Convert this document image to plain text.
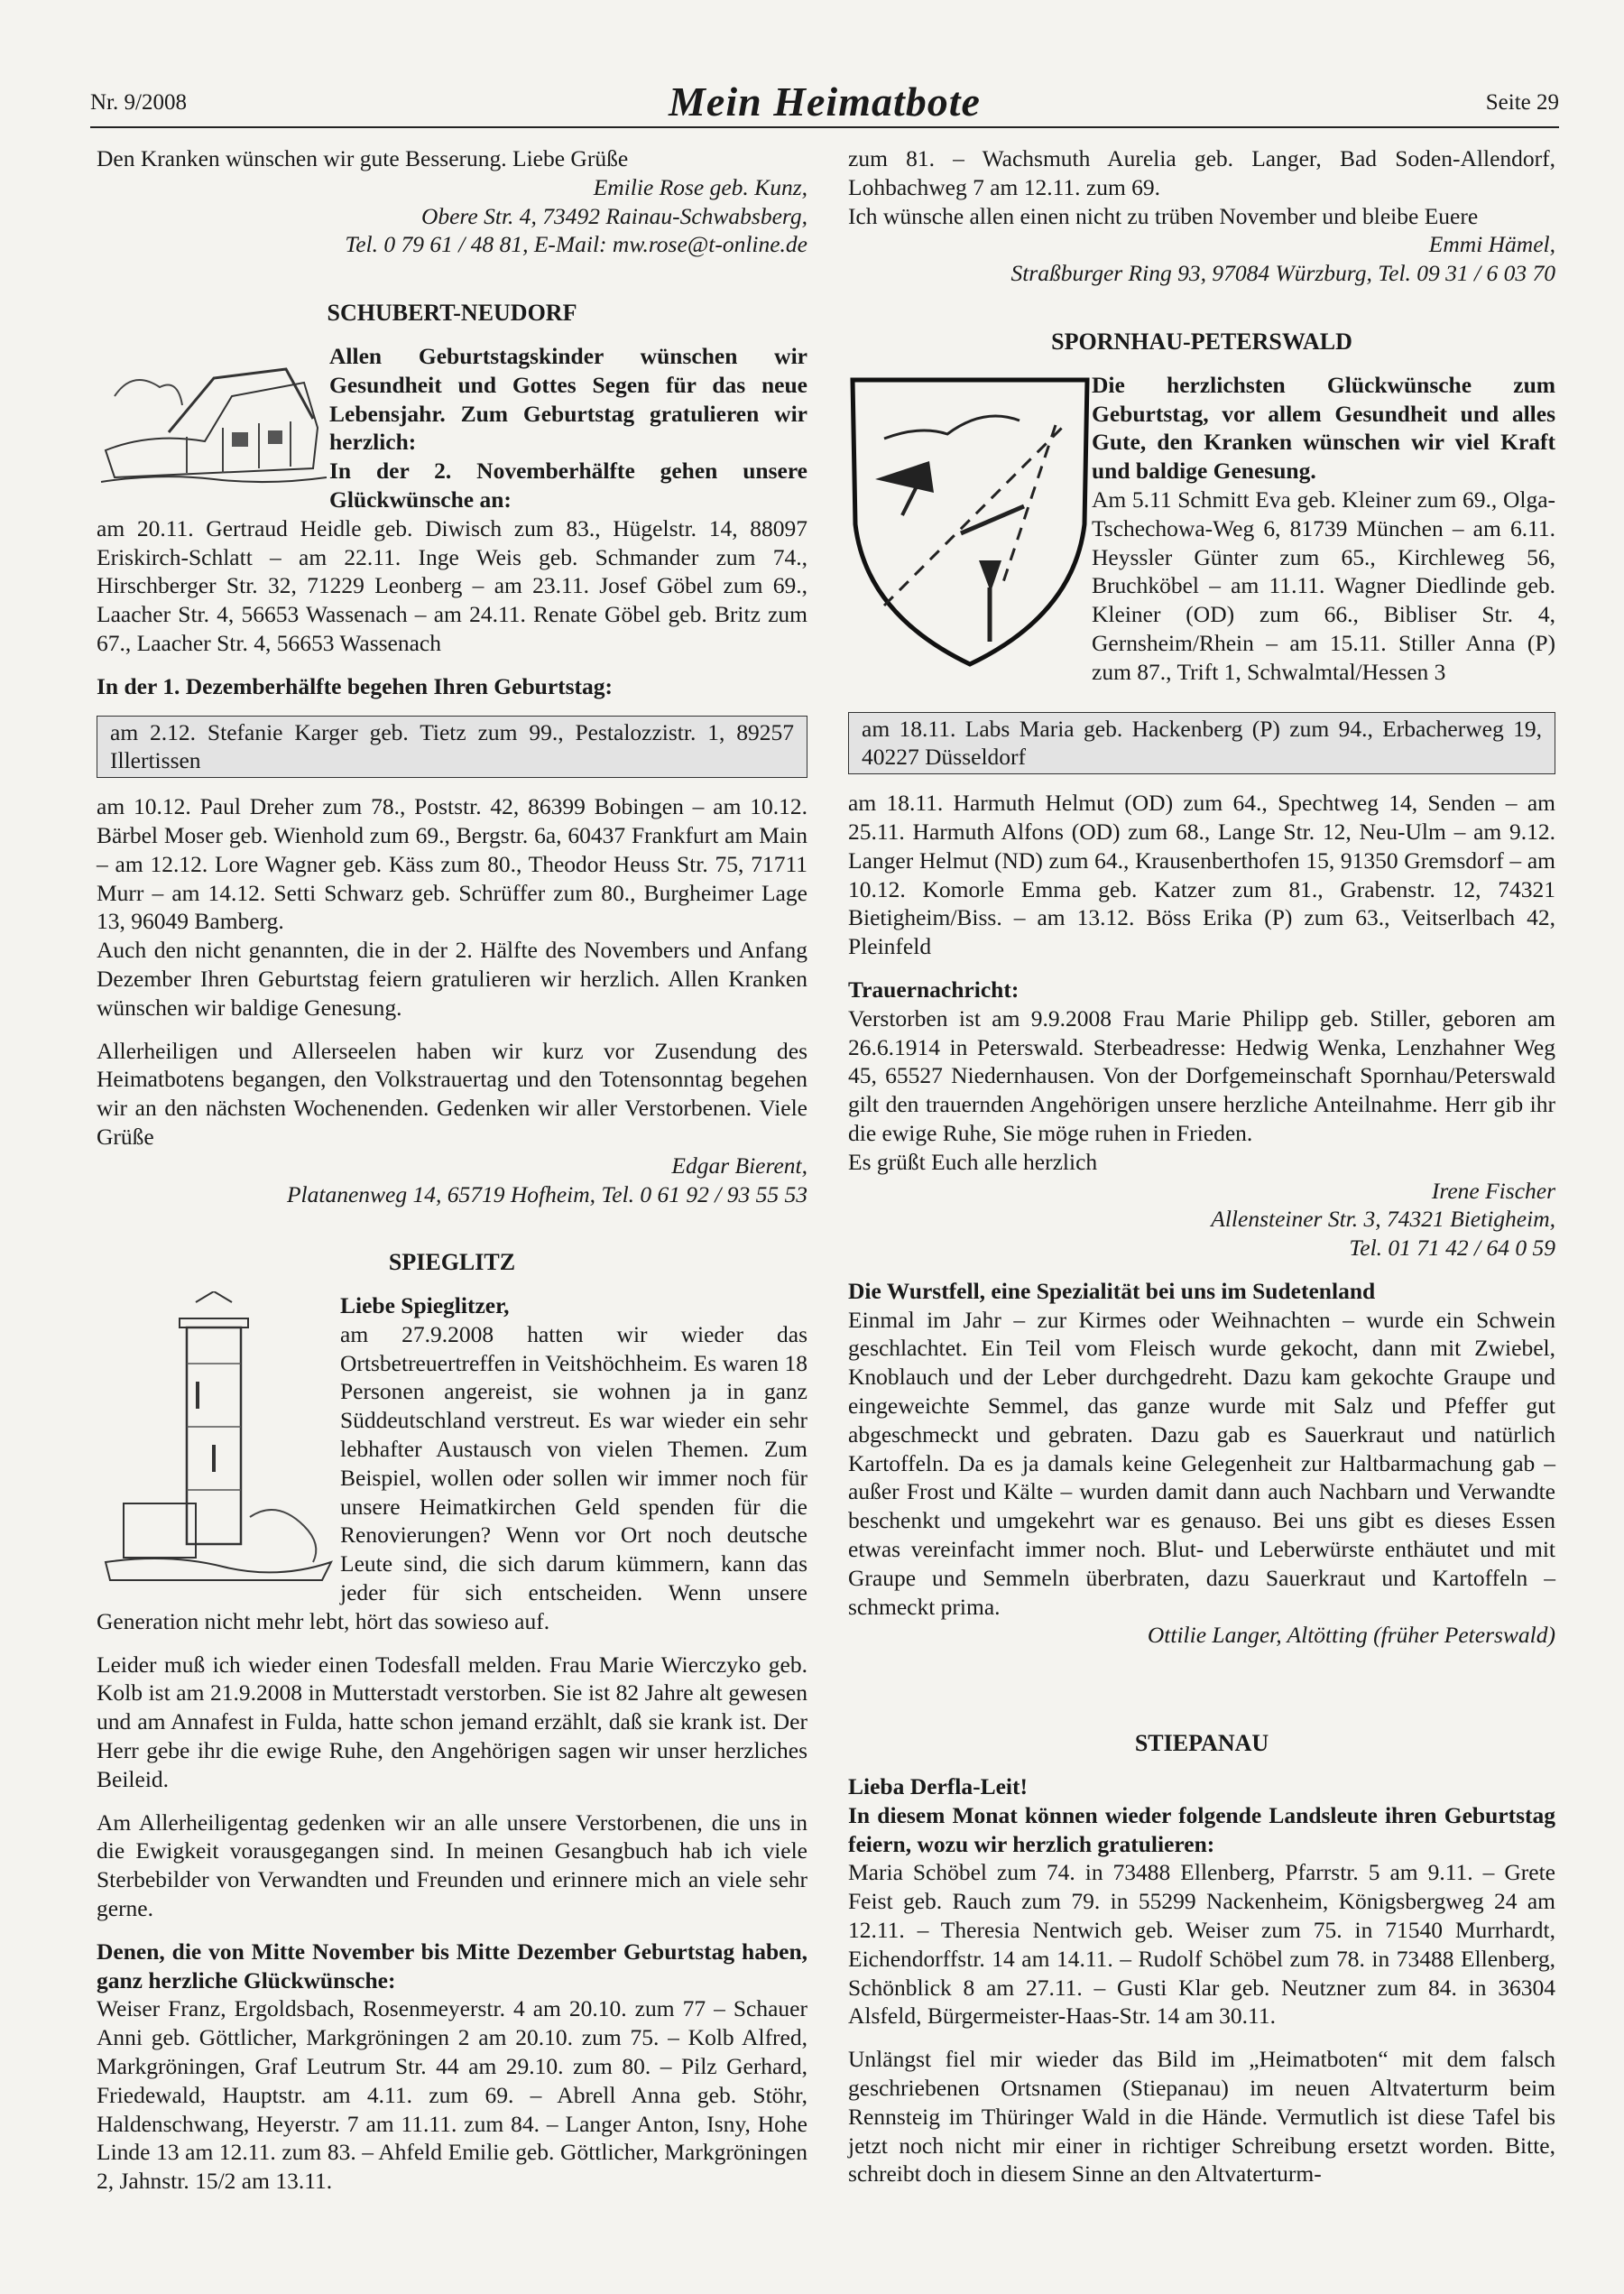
Nr. 9/2008	Mein Heimatbote	Seite 29

Den Kranken wünschen wir gute Besserung. Liebe Grüße

Emilie Rose geb. Kunz,

Obere Str. 4, 73492 Rainau-Schwabsberg,

Tel. 0 79 61 / 48 81, E-Mail: mw.rose@t-online.de

SCHUBERT-NEUDORF

Allen Geburtstagskinder wünschen wir Gesundheit und Gottes Segen für das neue Lebensjahr. Zum Geburtstag gratulieren wir herzlich:

In der 2. Novemberhälfte gehen unsere Glückwünsche an:

am 20.11. Gertraud Heidle geb. Diwisch zum 83., Hügelstr. 14, 88097 Eriskirch-Schlatt – am 22.11. Inge Weis geb. Schmander zum 74., Hirschberger Str. 32, 71229 Leonberg – am 23.11. Josef Göbel zum 69., Laacher Str. 4, 56653 Wassenach – am 24.11. Renate Göbel geb. Britz zum 67., Laacher Str. 4, 56653 Wassenach

In der 1. Dezemberhälfte begehen Ihren Geburtstag:

am 2.12. Stefanie Karger geb. Tietz zum 99., Pestalozzistr. 1, 89257 Illertissen

am 10.12. Paul Dreher zum 78., Poststr. 42, 86399 Bobingen – am 10.12. Bärbel Moser geb. Wienhold zum 69., Bergstr. 6a, 60437 Frankfurt am Main – am 12.12. Lore Wagner geb. Käss zum 80., Theodor Heuss Str. 75, 71711 Murr – am 14.12. Setti Schwarz geb. Schrüffer zum 80., Burgheimer Lage 13, 96049 Bamberg.

Auch den nicht genannten, die in der 2. Hälfte des Novembers und Anfang Dezember Ihren Geburtstag feiern gratulieren wir herzlich. Allen Kranken wünschen wir baldige Genesung.

Allerheiligen und Allerseelen haben wir kurz vor Zusendung des Heimatbotens begangen, den Volkstrauertag und den Totensonntag begehen wir an den nächsten Wochenenden. Gedenken wir aller Verstorbenen. Viele Grüße

Edgar Bierent,

Platanenweg 14, 65719 Hofheim, Tel. 0 61 92 / 93 55 53

SPIEGLITZ

Liebe Spieglitzer,

am 27.9.2008 hatten wir wieder das Ortsbetreuertreffen in Veitshöchheim. Es waren 18 Personen angereist, sie wohnen ja in ganz Süddeutschland verstreut. Es war wieder ein sehr lebhafter Austausch von vielen Themen. Zum Beispiel, wollen oder sollen wir immer noch für unsere Heimatkirchen Geld spenden für die Renovierungen? Wenn vor Ort noch deutsche Leute sind, die sich darum kümmern, kann das jeder für sich entscheiden. Wenn unsere Generation nicht mehr lebt, hört das sowieso auf.

Leider muß ich wieder einen Todesfall melden. Frau Marie Wierczyko geb. Kolb ist am 21.9.2008 in Mutterstadt verstorben. Sie ist 82 Jahre alt gewesen und am Annafest in Fulda, hatte schon jemand erzählt, daß sie krank ist. Der Herr gebe ihr die ewige Ruhe, den Angehörigen sagen wir unser herzliches Beileid.

Am Allerheiligentag gedenken wir an alle unsere Verstorbenen, die uns in die Ewigkeit vorausgegangen sind. In meinen Gesangbuch hab ich viele Sterbebilder von Verwandten und Freunden und erinnere mich an viele sehr gerne.

Denen, die von Mitte November bis Mitte Dezember Geburtstag haben, ganz herzliche Glückwünsche:

Weiser Franz, Ergoldsbach, Rosenmeyerstr. 4 am 20.10. zum 77 – Schauer Anni geb. Göttlicher, Markgröningen 2 am 20.10. zum 75. – Kolb Alfred, Markgröningen, Graf Leutrum Str. 44 am 29.10. zum 80. – Pilz Gerhard, Friedewald, Hauptstr. am 4.11. zum 69. – Abrell Anna geb. Stöhr, Haldenschwang, Heyerstr. 7 am 11.11. zum 84. – Langer Anton, Isny, Hohe Linde 13 am 12.11. zum 83. – Ahfeld Emilie geb. Göttlicher, Markgröningen 2, Jahnstr. 15/2 am 13.11.

zum 81. – Wachsmuth Aurelia geb. Langer, Bad Soden-Allendorf, Lohbachweg 7 am 12.11. zum 69.

Ich wünsche allen einen nicht zu trüben November und bleibe Euere

Emmi Hämel,

Straßburger Ring 93, 97084 Würzburg, Tel. 09 31 / 6 03 70

SPORNHAU-PETERSWALD

Die herzlichsten Glückwünsche zum Geburtstag, vor allem Gesundheit und alles Gute, den Kranken wünschen wir viel Kraft und baldige Genesung.

Am 5.11 Schmitt Eva geb. Kleiner zum 69., Olga-Tschechowa-Weg 6, 81739 München – am 6.11. Heyssler Günter zum 65., Kirchleweg 56, Bruchköbel – am 11.11. Wagner Diedlinde geb. Kleiner (OD) zum 66., Bibliser Str. 4, Gernsheim/Rhein – am 15.11. Stiller Anna (P) zum 87., Trift 1, Schwalmtal/Hessen 3

am 18.11. Labs Maria geb. Hackenberg (P) zum 94., Erbacherweg 19, 40227 Düsseldorf

am 18.11. Harmuth Helmut (OD) zum 64., Spechtweg 14, Senden – am 25.11. Harmuth Alfons (OD) zum 68., Lange Str. 12, Neu-Ulm – am 9.12. Langer Helmut (ND) zum 64., Krausenberthofen 15, 91350 Gremsdorf – am 10.12. Komorle Emma geb. Katzer zum 81., Grabenstr. 12, 74321 Bietigheim/Biss. – am 13.12. Böss Erika (P) zum 63., Veitserlbach 42, Pleinfeld

Trauernachricht:

Verstorben ist am 9.9.2008 Frau Marie Philipp geb. Stiller, geboren am 26.6.1914 in Peterswald. Sterbeadresse: Hedwig Wenka, Lenzhahner Weg 45, 65527 Niedernhausen. Von der Dorfgemeinschaft Spornhau/Peterswald gilt den trauernden Angehörigen unsere herzliche Anteilnahme. Herr gib ihr die ewige Ruhe, Sie möge ruhen in Frieden.

Es grüßt Euch alle herzlich

Irene Fischer

Allensteiner Str. 3, 74321 Bietigheim,

Tel. 01 71 42 / 64 0 59

Die Wurstfell, eine Spezialität bei uns im Sudetenland

Einmal im Jahr – zur Kirmes oder Weihnachten – wurde ein Schwein geschlachtet. Ein Teil vom Fleisch wurde gekocht, dann mit Zwiebel, Knoblauch und der Leber durchgedreht. Dazu kam gekochte Graupe und eingeweichte Semmel, das ganze wurde mit Salz und Pfeffer gut abgeschmeckt und gebraten. Dazu gab es Sauerkraut und natürlich Kartoffeln. Da es ja damals keine Gelegenheit zur Haltbarmachung gab – außer Frost und Kälte – wurden damit dann auch Nachbarn und Verwandte beschenkt und umgekehrt war es genauso. Bei uns gibt es dieses Essen etwas vereinfacht immer noch. Blut- und Leberwürste enthäutet und mit Graupe und Semmeln überbraten, dazu Sauerkraut und Kartoffeln – schmeckt prima.

Ottilie Langer, Altötting (früher Peterswald)

STIEPANAU

Lieba Derfla-Leit!

In diesem Monat können wieder folgende Landsleute ihren Geburtstag feiern, wozu wir herzlich gratulieren:

Maria Schöbel zum 74. in 73488 Ellenberg, Pfarrstr. 5 am 9.11. – Grete Feist geb. Rauch zum 79. in 55299 Nackenheim, Königsbergweg 24 am 12.11. – Theresia Nentwich geb. Weiser zum 75. in 71540 Murrhardt, Eichendorffstr. 14 am 14.11. – Rudolf Schöbel zum 78. in 73488 Ellenberg, Schönblick 8 am 27.11. – Gusti Klar geb. Neutzner zum 84. in 36304 Alsfeld, Bürgermeister-Haas-Str. 14 am 30.11.

Unlängst fiel mir wieder das Bild im „Heimatboten“ mit dem falsch geschriebenen Ortsnamen (Stiepanau) im neuen Altvaterturm beim Rennsteig im Thüringer Wald in die Hände. Vermutlich ist diese Tafel bis jetzt noch nicht mir einer in richtiger Schreibung ersetzt worden. Bitte, schreibt doch in diesem Sinne an den Altvaterturm-
